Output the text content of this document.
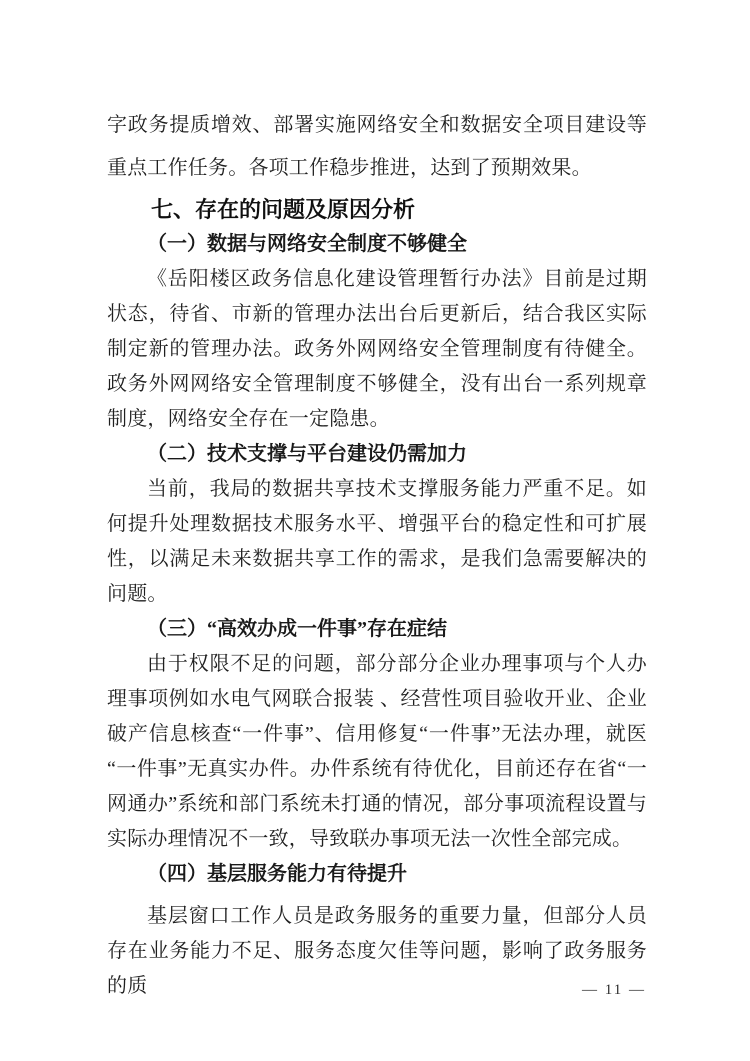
字政务提质增效、部署实施网络安全和数据安全项目建设等重点工作任务。各项工作稳步推进，达到了预期效果。

七、存在的问题及原因分析
（一）数据与网络安全制度不够健全

《岳阳楼区政务信息化建设管理暂行办法》目前是过期状态，待省、市新的管理办法出台后更新后，结合我区实际制定新的管理办法。政务外网网络安全管理制度有待健全。政务外网网络安全管理制度不够健全，没有出台一系列规章制度，网络安全存在一定隐患。

（二）技术支撑与平台建设仍需加力

当前，我局的数据共享技术支撑服务能力严重不足。如何提升处理数据技术服务水平、增强平台的稳定性和可扩展性，以满足未来数据共享工作的需求，是我们急需要解决的问题。

（三）“高效办成一件事”存在症结

由于权限不足的问题，部分部分企业办理事项与个人办理事项例如水电气网联合报装 、经营性项目验收开业、企业破产信息核查“一件事”、信用修复“一件事”无法办理，就医“一件事”无真实办件。办件系统有待优化，目前还存在省“一网通办”系统和部门系统未打通的情况，部分事项流程设置与实际办理情况不一致，导致联办事项无法一次性全部完成。

（四）基层服务能力有待提升

基层窗口工作人员是政务服务的重要力量，但部分人员存在业务能力不足、服务态度欠佳等问题，影响了政务服务的质	— 11 —
